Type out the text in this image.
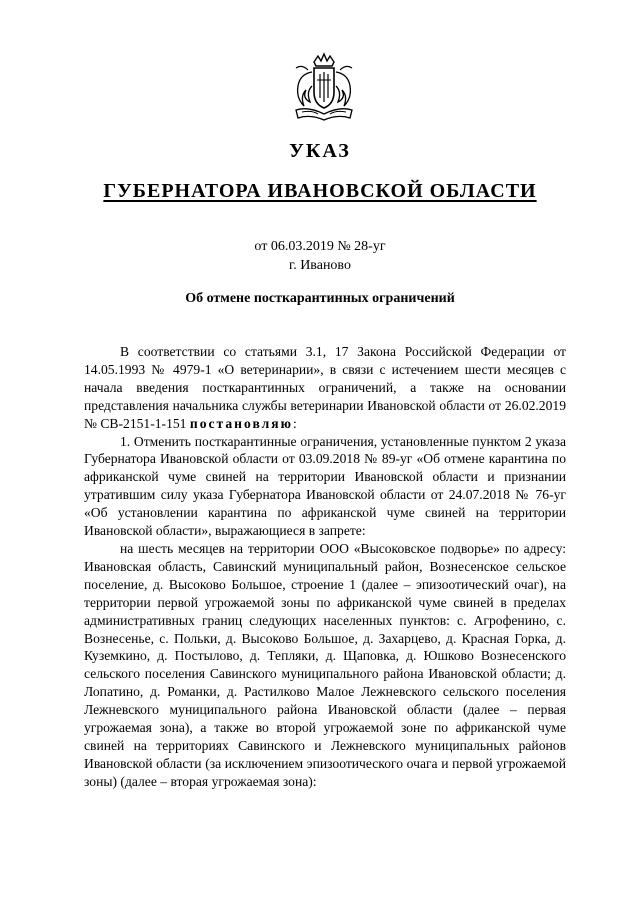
УКАЗ
ГУБЕРНАТОРА ИВАНОВСКОЙ ОБЛАСТИ
от 06.03.2019 № 28-уг
г. Иваново
Об отмене посткарантинных ограничений

В соответствии со статьями 3.1, 17 Закона Российской Федерации от 14.05.1993 № 4979-1 «О ветеринарии», в связи с истечением шести месяцев с начала введения посткарантинных ограничений, а также на основании представления начальника службы ветеринарии Ивановской области от 26.02.2019 № СВ-2151-1-151 постановляю:

1. Отменить посткарантинные ограничения, установленные пунктом 2 указа Губернатора Ивановской области от 03.09.2018 № 89-уг «Об отмене карантина по африканской чуме свиней на территории Ивановской области и признании утратившим силу указа Губернатора Ивановской области от 24.07.2018 № 76-уг «Об установлении карантина по африканской чуме свиней на территории Ивановской области», выражающиеся в запрете:

на шесть месяцев на территории ООО «Высоковское подворье» по адресу: Ивановская область, Савинский муниципальный район, Вознесенское сельское поселение, д. Высоково Большое, строение 1 (далее – эпизоотический очаг), на территории первой угрожаемой зоны по африканской чуме свиней в пределах административных границ следующих населенных пунктов: с. Агрофенино, с. Вознесенье, с. Польки, д. Высоково Большое, д. Захарцево, д. Красная Горка, д. Куземкино, д. Постылово, д. Тепляки, д. Щаповка, д. Юшково Вознесенского сельского поселения Савинского муниципального района Ивановской области; д. Лопатино, д. Романки, д. Растилково Малое Лежневского сельского поселения Лежневского муниципального района Ивановской области (далее – первая угрожаемая зона), а также во второй угрожаемой зоне по африканской чуме свиней на территориях Савинского и Лежневского муниципальных районов Ивановской области (за исключением эпизоотического очага и первой угрожаемой зоны) (далее – вторая угрожаемая зона):
